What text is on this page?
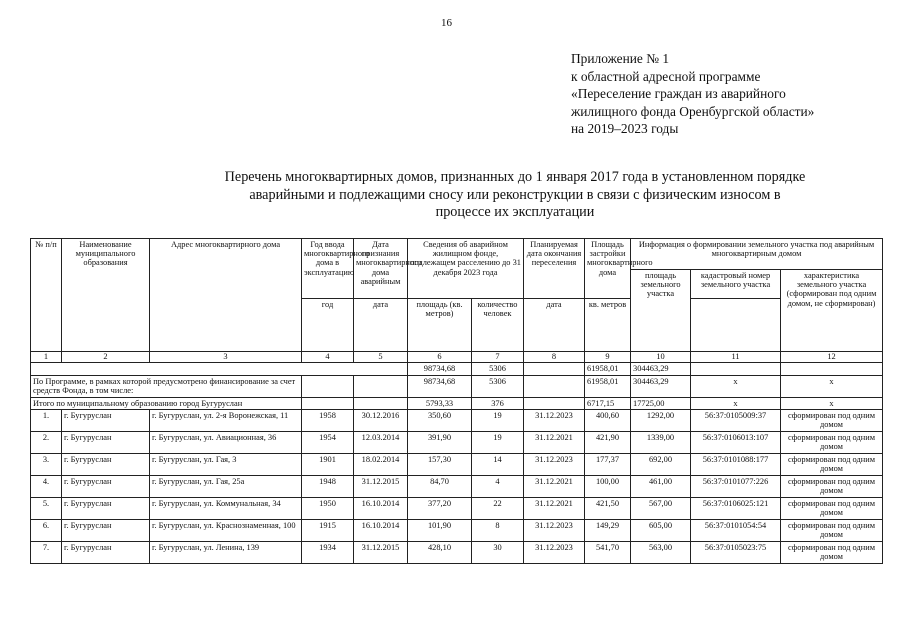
16
Приложение № 1
к областной адресной программе
«Переселение граждан из аварийного
жилищного фонда Оренбургской области»
на 2019–2023 годы
Перечень многоквартирных домов, признанных до 1 января 2017 года в установленном порядке
аварийными и подлежащими сносу или реконструкции в связи с физическим износом в
процессе их эксплуатации
№ п/п	Наименование муниципального образования	Адрес многоквартирного дома	Год ввода многоквартирного дома в эксплуатацию	Дата признания многоквартирного дома аварийным	Сведения об аварийном жилищном фонде, подлежащем расселению до 31 декабря 2023 года		Планируемая дата окончания переселения	Площадь застройки многоквартирного дома	Информация о формировании земельного участка под аварийным многоквартирным домом		
									площадь земельного участка	кадастровый номер земельного участка	характеристика земельного участка (сформирован под одним домом, не сформирован)
			год	дата	площадь (кв. метров)	количество человек	дата	кв. метров			
1	2	3	4	5	6	7	8	9	10	11	12
					98734,68	5306		61958,01	304463,29		
По Программе, в рамках которой предусмотрено финансирование за счет средств Фонда, в том числе:					98734,68	5306		61958,01	304463,29	x	x
Итого по муниципальному образованию город Бугуруслан					5793,33	376		6717,15	17725,00	x	x
1.	г. Бугуруслан	г. Бугуруслан, ул. 2-я Воронежская, 11	1958	30.12.2016	350,60	19	31.12.2023	400,60	1292,00	56:37:0105009:37	сформирован под одним домом
2.	г. Бугуруслан	г. Бугуруслан, ул. Авиационная, 36	1954	12.03.2014	391,90	19	31.12.2021	421,90	1339,00	56:37:0106013:107	сформирован под одним домом
3.	г. Бугуруслан	г. Бугуруслан, ул. Гая, 3	1901	18.02.2014	157,30	14	31.12.2023	177,37	692,00	56:37:0101088:177	сформирован под одним домом
4.	г. Бугуруслан	г. Бугуруслан, ул. Гая, 25а	1948	31.12.2015	84,70	4	31.12.2021	100,00	461,00	56:37:0101077:226	сформирован под одним домом
5.	г. Бугуруслан	г. Бугуруслан, ул. Коммунальная, 34	1950	16.10.2014	377,20	22	31.12.2021	421,50	567,00	56:37:0106025:121	сформирован под одним домом
6.	г. Бугуруслан	г. Бугуруслан, ул. Краснознаменная, 100	1915	16.10.2014	101,90	8	31.12.2023	149,29	605,00	56:37:0101054:54	сформирован под одним домом
7.	г. Бугуруслан	г. Бугуруслан, ул. Ленина, 139	1934	31.12.2015	428,10	30	31.12.2023	541,70	563,00	56:37:0105023:75	сформирован под одним домом
